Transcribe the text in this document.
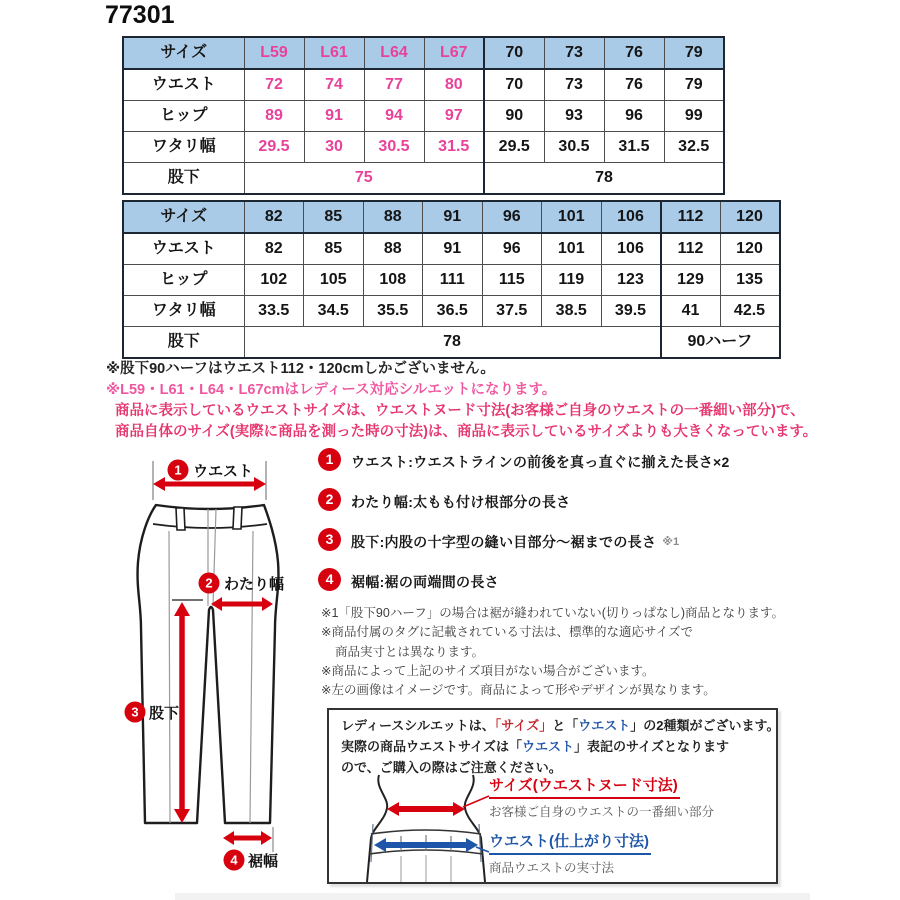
77301
サイズ	L59	L61	L64	L67	70	73	76	79
ウエスト	72	74	77	80	70	73	76	79
ヒップ	89	91	94	97	90	93	96	99
ワタリ幅	29.5	30	30.5	31.5	29.5	30.5	31.5	32.5
股下	75				78			
サイズ	82	85	88	91	96	101	106	112	120
ウエスト	82	85	88	91	96	101	106	112	120
ヒップ	102	105	108	111	115	119	123	129	135
ワタリ幅	33.5	34.5	35.5	36.5	37.5	38.5	39.5	41	42.5
股下	78							90ハーフ	
※股下90ハーフはウエスト112・120cmしかございません。
※L59・L61・L64・L67cmはレディース対応シルエットになります。
商品に表示しているウエストサイズは、ウエストヌード寸法(お客様ご自身のウエストの一番細い部分)で、
商品自体のサイズ(実際に商品を測った時の寸法)は、商品に表示しているサイズよりも大きくなっています。
1 ウエスト
2 わたり幅
3 股下
4 裾幅
1	ウエスト:ウエストラインの前後を真っ直ぐに揃えた長さ×2
2	わたり幅:太もも付け根部分の長さ
3	股下:内股の十字型の縫い目部分〜裾までの長さ ※1
4	裾幅:裾の両端間の長さ
※1「股下90ハーフ」の場合は裾が縫われていない(切りっぱなし)商品となります。
※商品付属のタグに記載されている寸法は、標準的な適応サイズで
商品実寸とは異なります。
※商品によって上記のサイズ項目がない場合がございます。
※左の画像はイメージです。商品によって形やデザインが異なります。
レディースシルエットは、「サイズ」と「ウエスト」の2種類がございます。
実際の商品ウエストサイズは「ウエスト」表記のサイズとなります
ので、ご購入の際はご注意ください。
サイズ(ウエストヌード寸法)
お客様ご自身のウエストの一番細い部分
ウエスト(仕上がり寸法)
商品ウエストの実寸法
